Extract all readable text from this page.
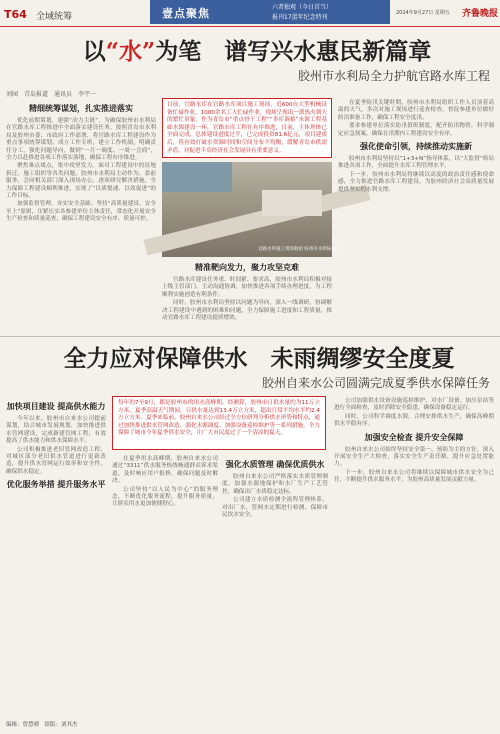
T64 全域统筹	壹点聚焦	六者独观（今日首当）
报刊17蛋年纪念特刊
2024年9月27日 星期五 齐鲁晚报
以“水”为笔　谱写兴水惠民新篇章
胶州市水利局全力护航官路水库工程
刘园　青岛报道　通讯员　李宇一
精细统筹谋划，扎实推进落实

优化前期策划，建强“动力主链”，为确保胶州市水利局在官路水库工程推进中全面落实建设任务，按照青岛市水利局及胶州市委、市政府工作部署，将官路水库工程建设作为重点事项统筹谋划，成立工作专班，建立工作机制，明确责任分工，强化问题导向，做到“一月一调度、一周一会商”，全力以赴推进各项工作落实落地，确保工程有序推进。

聚焦难点堵点，集中攻坚发力。面对工程建设中的征地拆迁、施工组织等各类问题，胶州市水利局主动作为、靠前服务，会同相关部门深入现场办公，逐项研究解决措施，全力保障工程建设顺利推进，实现了“以质提速、以效促进”的工作目标。

加强监督管理，夯实安全基础。坚持“高质量建设、安全至上”原则，压紧压实各参建单位主体责任，常态化开展安全生产检查和质量巡查，确保工程建设安全有序、质量可控。

目前，官路水库在官路水库项目施工现场，近600台大型机械设备忙碌作业，1000余名工人忙碌作业，现场呈现出一派热火朝天的繁忙景象。作为青岛市“重点骨干工程”“多库调蓄”水源工程基础水源建设一环，官路水库工程在有序推进，目前，主体坝体已全面完成，总体建设进度过半，已完成投资81.6亿元，项目建成后，将有效打破水资源时间和空间分布不均衡，缓解青岛市供需矛盾，对促进半岛经济社会发展具有重要意义。
官路水库施工现场航拍 胶州市水利局供图
精准靶向发力，聚力攻坚克难

官路水库建设任务重、时间紧、要求高，胶州市水利局积极对接上级主管部门，主动沟通协调，加快推进各项手续办理进度，为工程顺利实施创造有利条件。

同时，胶州市水利局坚持以问题为导向，深入一线调研，协调解决工程建设中遇到的困难和问题，全力保障施工进度和工程质量，推动官路水库工程建设提质增效。

在夏季防汛关键时期，胶州市水利局组织工作人员顶着高温的天气，多次对施工现场进行巡查检查，督促参建单位做好防汛准备工作，确保工程安全度汛。

要求参建单位落实防汛值班制度，配齐防汛物资，科学制定应急预案，确保在汛期内工程建设安全有序。

强化使命引领，持续推动实施新

胶州市水利局坚持以“1+3+N”指导体系，以“大监督”格局推进各项工作，全面提升水库工程管理水平。

下一步，胶州市水利局将继续以高度的政治责任感和使命感，全力推进官路水库工程建设，为胶州经济社会高质量发展提供坚实的水利支撑。

全力应对保障供水　未雨绸缪安全度夏
胶州自来水公司圆满完成夏季供水保障任务
加快项目建设 提高供水能力

今年以来，胶州市自来水公司提前谋划，结合城市发展规划，加快推进供水管网建设，完成新建管网工程，有效提高了供水能力和供水保障水平。

公司积极推进老旧管网改造工程，对城区部分老旧供水管道进行更新改造，提升供水管网运行效率和安全性，确保供水稳定。

优化服务举措 提升服务水平
每年的7至9月，都是胶州市的用水高峰期。经测算，胶州市日供水量约为11万立方米，夏季高温天气期间，日供水量达到13.4万立方米，超出日常平均水平约2.4万立方米。夏季来临前，胶州自来水公司经过全方位研判分析供水形势和特点，通过加快推进供水管网改造、强化水源调度、加强设备巡检维护等一系列措施，全力保障了城市今年夏季供水安全，让广大市民度过了一个清凉的夏天。

在夏季用水高峰期，胶州自来水公司通过“3311”供水服务热线畅通群众诉求渠道，及时响应用户报修，确保问题及时解决。

公司坚持“以人民为中心”的服务理念，不断优化服务流程，提升服务质量，让群众用水更加便捷舒心。

强化水质管理 确保优质供水

胶州自来水公司严格落实水质管理制度，加强水源地保护和水厂生产工艺管控，确保出厂水质稳定达标。

公司建立水质检测全流程管理体系，对出厂水、管网水定期进行检测，保障市民饮水安全。

公司加强供水设备设施巡检维护，对水厂设备、加压泵站等进行全面检查，及时消除安全隐患，确保设备稳定运行。

同时，公司科学调度水源，合理安排供水生产，确保高峰期供水平稳有序。

加强安全检查 提升安全保障

胶州自来水公司始终坚持安全第一、预防为主的方针，深入开展安全生产大检查，落实安全生产责任制，提升应急处置能力。

下一步，胶州自来水公司将继续以保障城市供水安全为己任，不断提升供水服务水平，为胶州高质量发展贡献力量。

编辑：曾慧晴　组版：刘其杰
